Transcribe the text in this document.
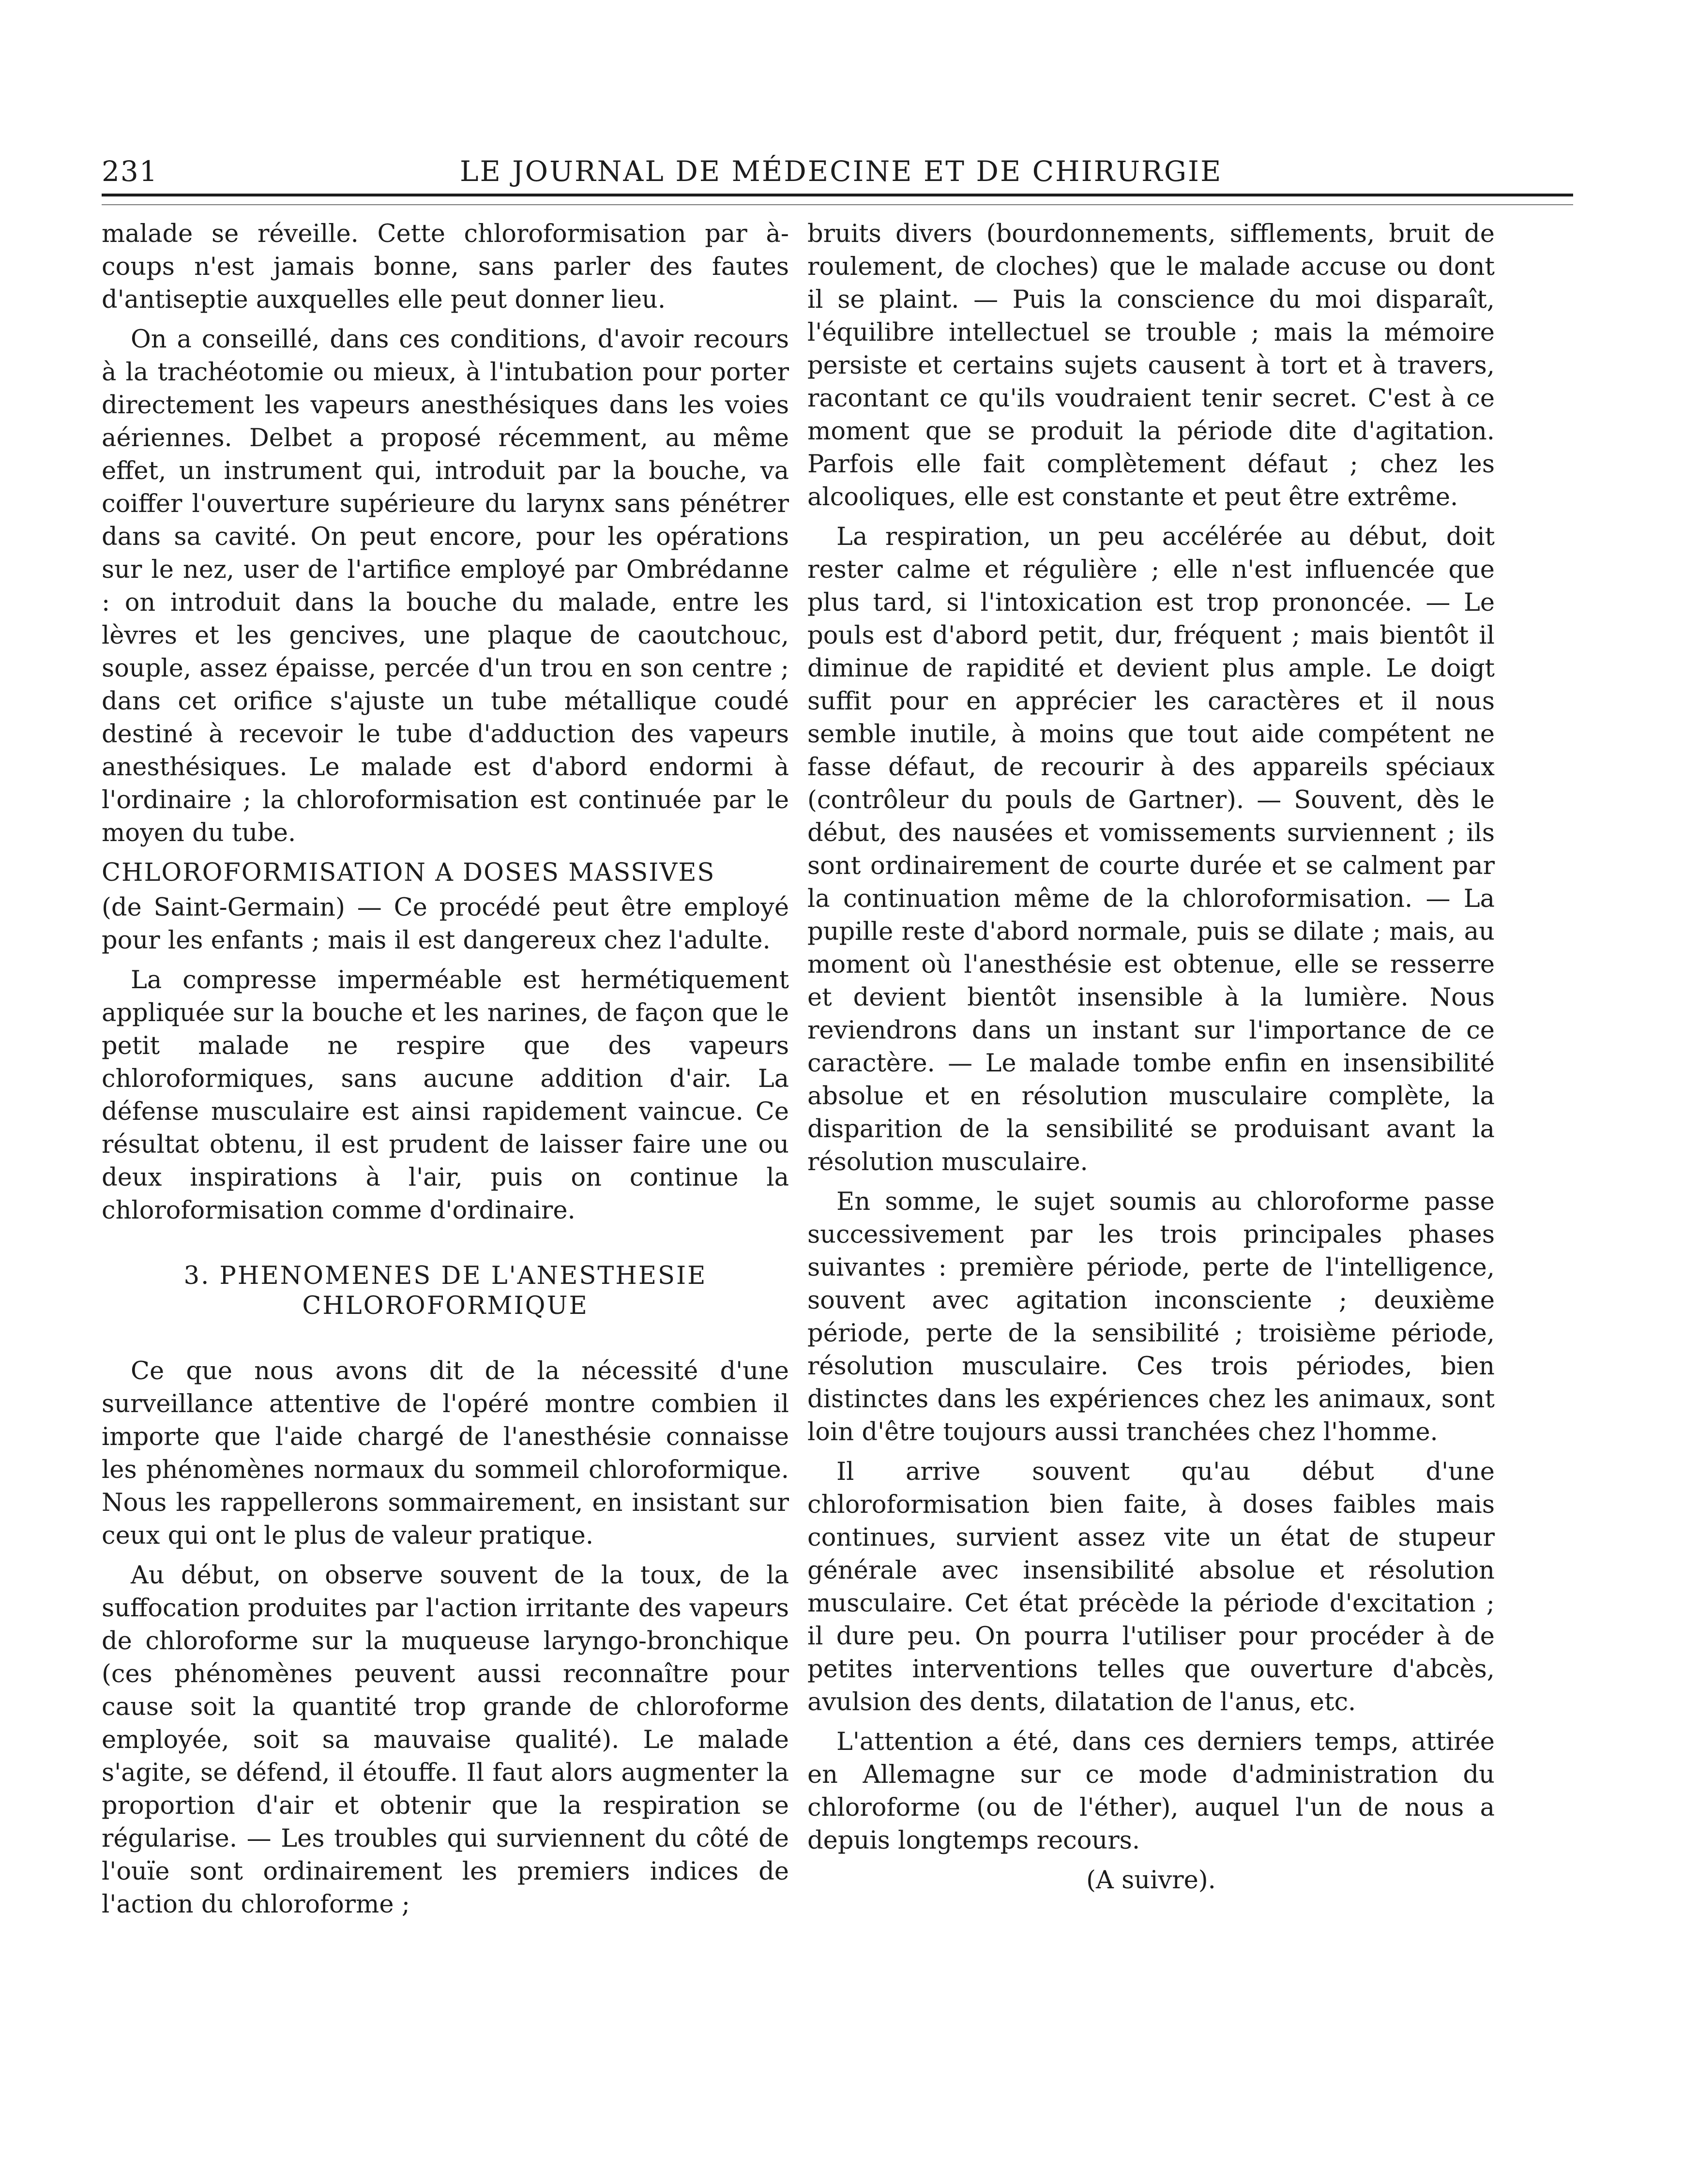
231	LE JOURNAL DE MÉDECINE ET DE CHIRURGIE

malade se réveille. Cette chloroformisation par à-coups n'est jamais bonne, sans parler des fautes d'antiseptie auxquelles elle peut donner lieu.

On a conseillé, dans ces conditions, d'avoir recours à la trachéotomie ou mieux, à l'intubation pour porter directement les vapeurs anesthésiques dans les voies aériennes. Delbet a proposé récemment, au même effet, un instrument qui, introduit par la bouche, va coiffer l'ouverture supérieure du larynx sans pénétrer dans sa cavité. On peut encore, pour les opérations sur le nez, user de l'artifice employé par Ombrédanne : on introduit dans la bouche du malade, entre les lèvres et les gencives, une plaque de caoutchouc, souple, assez épaisse, percée d'un trou en son centre ; dans cet orifice s'ajuste un tube métallique coudé destiné à recevoir le tube d'adduction des vapeurs anesthésiques. Le malade est d'abord endormi à l'ordinaire ; la chloroformisation est continuée par le moyen du tube.

CHLOROFORMISATION A DOSES MASSIVES

(de Saint-Germain) — Ce procédé peut être employé pour les enfants ; mais il est dangereux chez l'adulte.

La compresse imperméable est hermétiquement appliquée sur la bouche et les narines, de façon que le petit malade ne respire que des vapeurs chloroformiques, sans aucune addition d'air. La défense musculaire est ainsi rapidement vaincue. Ce résultat obtenu, il est prudent de laisser faire une ou deux inspirations à l'air, puis on continue la chloroformisation comme d'ordinaire.

3. PHENOMENES DE L'ANESTHESIE
CHLOROFORMIQUE

Ce que nous avons dit de la nécessité d'une surveillance attentive de l'opéré montre combien il importe que l'aide chargé de l'anesthésie connaisse les phénomènes normaux du sommeil chloroformique. Nous les rappellerons sommairement, en insistant sur ceux qui ont le plus de valeur pratique.

Au début, on observe souvent de la toux, de la suffocation produites par l'action irritante des vapeurs de chloroforme sur la muqueuse laryngo-bronchique (ces phénomènes peuvent aussi reconnaître pour cause soit la quantité trop grande de chloroforme employée, soit sa mauvaise qualité). Le malade s'agite, se défend, il étouffe. Il faut alors augmenter la proportion d'air et obtenir que la respiration se régularise. — Les troubles qui surviennent du côté de l'ouïe sont ordinairement les premiers indices de l'action du chloroforme ;

bruits divers (bourdonnements, sifflements, bruit de roulement, de cloches) que le malade accuse ou dont il se plaint. — Puis la conscience du moi disparaît, l'équilibre intellectuel se trouble ; mais la mémoire persiste et certains sujets causent à tort et à travers, racontant ce qu'ils voudraient tenir secret. C'est à ce moment que se produit la période dite d'agitation. Parfois elle fait complètement défaut ; chez les alcooliques, elle est constante et peut être extrême.

La respiration, un peu accélérée au début, doit rester calme et régulière ; elle n'est influencée que plus tard, si l'intoxication est trop prononcée. — Le pouls est d'abord petit, dur, fréquent ; mais bientôt il diminue de rapidité et devient plus ample. Le doigt suffit pour en apprécier les caractères et il nous semble inutile, à moins que tout aide compétent ne fasse défaut, de recourir à des appareils spéciaux (contrôleur du pouls de Gartner). — Souvent, dès le début, des nausées et vomissements surviennent ; ils sont ordinairement de courte durée et se calment par la continuation même de la chloroformisation. — La pupille reste d'abord normale, puis se dilate ; mais, au moment où l'anesthésie est obtenue, elle se resserre et devient bientôt insensible à la lumière. Nous reviendrons dans un instant sur l'importance de ce caractère. — Le malade tombe enfin en insensibilité absolue et en résolution musculaire complète, la disparition de la sensibilité se produisant avant la résolution musculaire.

En somme, le sujet soumis au chloroforme passe successivement par les trois principales phases suivantes : première période, perte de l'intelligence, souvent avec agitation inconsciente ; deuxième période, perte de la sensibilité ; troisième période, résolution musculaire. Ces trois périodes, bien distinctes dans les expériences chez les animaux, sont loin d'être toujours aussi tranchées chez l'homme.

Il arrive souvent qu'au début d'une chloroformisation bien faite, à doses faibles mais continues, survient assez vite un état de stupeur générale avec insensibilité absolue et résolution musculaire. Cet état précède la période d'excitation ; il dure peu. On pourra l'utiliser pour procéder à de petites interventions telles que ouverture d'abcès, avulsion des dents, dilatation de l'anus, etc.

L'attention a été, dans ces derniers temps, attirée en Allemagne sur ce mode d'administration du chloroforme (ou de l'éther), auquel l'un de nous a depuis longtemps recours.

(A suivre).
